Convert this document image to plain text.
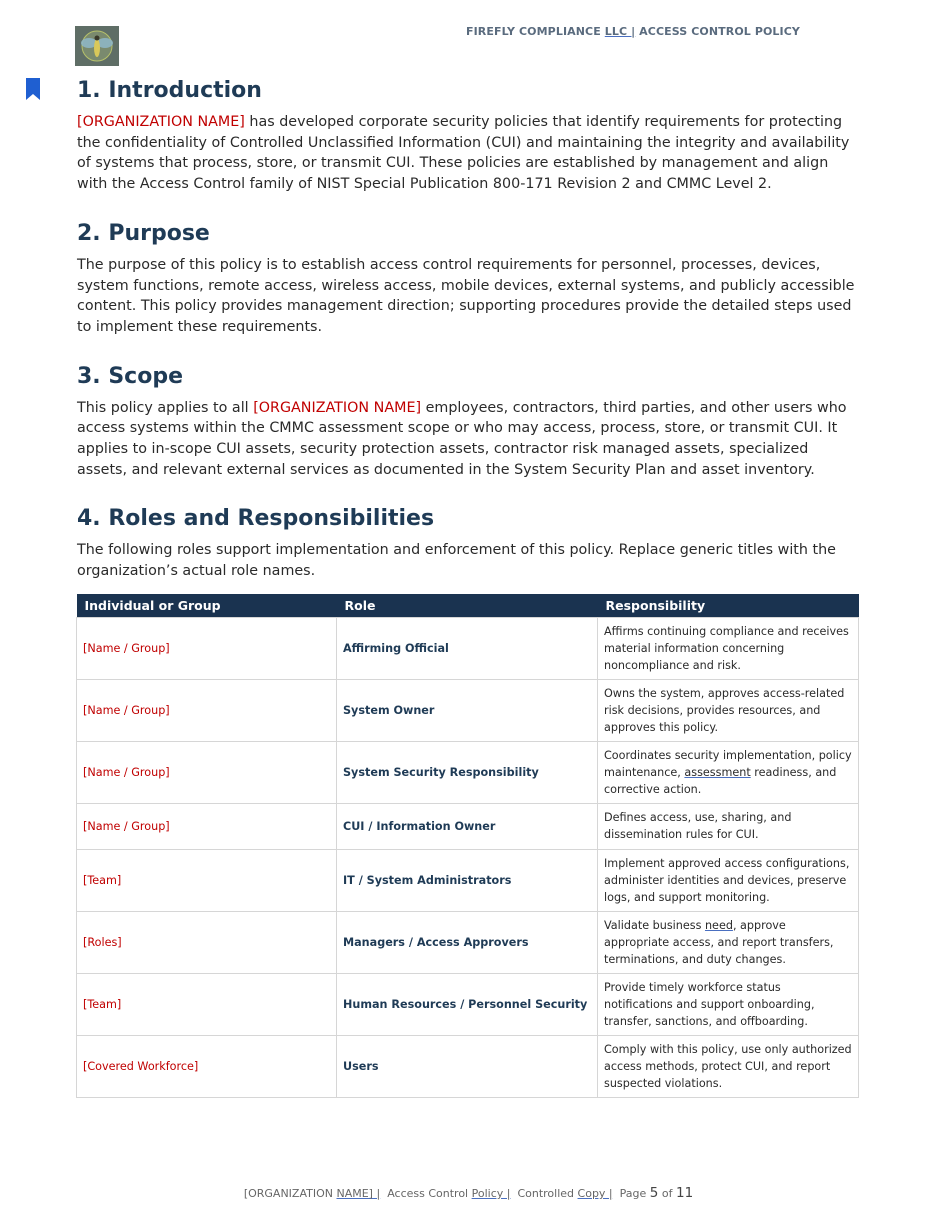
FIREFLY COMPLIANCE LLC | ACCESS CONTROL POLICY
1. Introduction

[ORGANIZATION NAME] has developed corporate security policies that identify requirements for protecting the confidentiality of Controlled Unclassified Information (CUI) and maintaining the integrity and availability of systems that process, store, or transmit CUI. These policies are established by management and align with the Access Control family of NIST Special Publication 800-171 Revision 2 and CMMC Level 2.

2. Purpose

The purpose of this policy is to establish access control requirements for personnel, processes, devices, system functions, remote access, wireless access, mobile devices, external systems, and publicly accessible content. This policy provides management direction; supporting procedures provide the detailed steps used to implement these requirements.

3. Scope

This policy applies to all [ORGANIZATION NAME] employees, contractors, third parties, and other users who access systems within the CMMC assessment scope or who may access, process, store, or transmit CUI. It applies to in-scope CUI assets, security protection assets, contractor risk managed assets, specialized assets, and relevant external services as documented in the System Security Plan and asset inventory.

4. Roles and Responsibilities

The following roles support implementation and enforcement of this policy. Replace generic titles with the organization’s actual role names.

Individual or Group	Role	Responsibility
[Name / Group]	Affirming Official	Affirms continuing compliance and receives material information concerning noncompliance and risk.
[Name / Group]	System Owner	Owns the system, approves access-related risk decisions, provides resources, and approves this policy.
[Name / Group]	System Security Responsibility	Coordinates security implementation, policy maintenance, assessment readiness, and corrective action.
[Name / Group]	CUI / Information Owner	Defines access, use, sharing, and dissemination rules for CUI.
[Team]	IT / System Administrators	Implement approved access configurations, administer identities and devices, preserve logs, and support monitoring.
[Roles]	Managers / Access Approvers	Validate business need, approve appropriate access, and report transfers, terminations, and duty changes.
[Team]	Human Resources / Personnel Security	Provide timely workforce status notifications and support onboarding, transfer, sanctions, and offboarding.
[Covered Workforce]	Users	Comply with this policy, use only authorized access methods, protect CUI, and report suspected violations.
[ORGANIZATION NAME] | Access Control Policy | Controlled Copy | Page 5 of 11
